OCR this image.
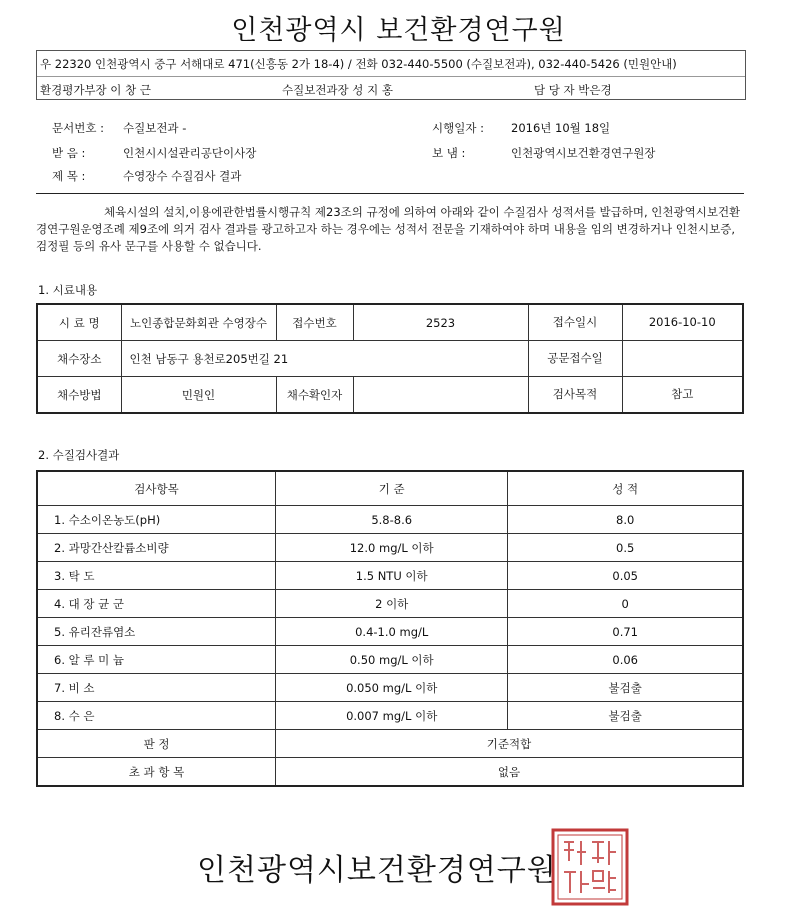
인천광역시 보건환경연구원
우 22320 인천광역시 중구 서해대로 471(신흥동 2가 18-4) / 전화 032-440-5500 (수질보전과), 032-440-5426 (민원안내)
환경평가부장 이 창 근	수질보전과장 성 지 홍	담 당 자 박은경
문서번호 : 수질보전과 -	시행일자 : 2016년 10월 18일
받 음 :	인천시시설관리공단이사장	보 냄 :	인천광역시보건환경연구원장
제 목 :	수영장수 수질검사 결과
체육시설의 설치,이용에관한법률시행규칙 제23조의 규정에 의하여 아래와 같이 수질검사 성적서를 발급하며, 인천광역시보건환경연구원운영조례 제9조에 의거 검사 결과를 광고하고자 하는 경우에는 성적서 전문을 기재하여야 하며 내용을 임의 변경하거나 인천시보증, 검정필 등의 유사 문구를 사용할 수 없습니다.
1. 시료내용
시 료 명	노인종합문화회관 수영장수	접수번호	2523	접수일시 2016-10-10

채수장소	인천 남동구 용천로205번길 21			공문접수일

채수방법	민원인	채수확인자		검사목적 참고
2. 수질검사결과
검사항목	기 준	성 적
1. 수소이온농도(pH)	5.8-8.6	8.0
2. 과망간산칼륨소비량	12.0 mg/L 이하	0.5
3. 탁 도	1.5 NTU 이하	0.05
4. 대 장 균 군	2 이하	0
5. 유리잔류염소	0.4-1.0 mg/L	0.71
6. 알 루 미 늄	0.50 mg/L 이하	0.06
7. 비 소	0.050 mg/L 이하	불검출
8. 수 은	0.007 mg/L 이하	불검출
판 정	기준적합	
초 과 항 목	없음	
인천광역시보건환경연구원
